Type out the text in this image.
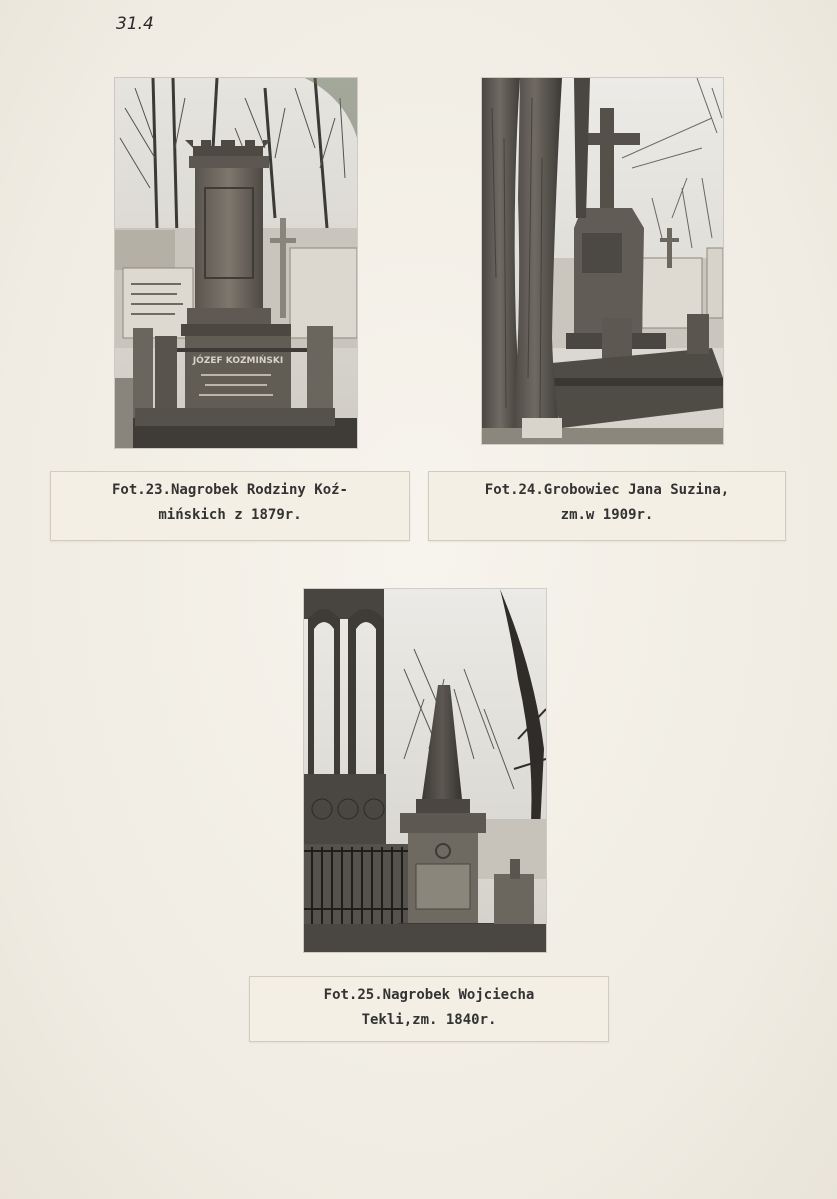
31.4
JÓZEF KOZMIŃSKI
Fot.23.Nagrobek Rodziny Koź-
mińskich z 1879r.
Fot.24.Grobowiec Jana Suzina,
zm.w 1909r.
Fot.25.Nagrobek Wojciecha
Tekli,zm. 1840r.
